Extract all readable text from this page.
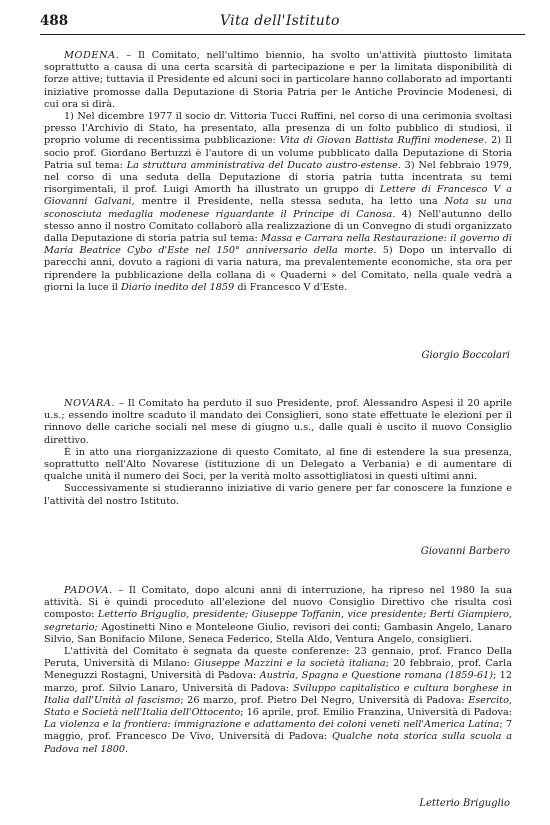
488	Vita dell'Istituto

MODENA. – Il Comitato, nell'ultimo biennio, ha svolto un'attività piuttosto limitata soprattutto a causa di una certa scarsità di partecipazione e per la limitata disponibilità di forze attive; tuttavia il Presidente ed alcuni soci in particolare hanno collaborato ad importanti iniziative promosse dalla Deputazione di Storia Patria per le Antiche Provincie Modenesi, di cui ora si dirà.

1) Nel dicembre 1977 il socio dr. Vittoria Tucci Ruffini, nel corso di una cerimonia svoltasi presso l'Archivio di Stato, ha presentato, alla presenza di un folto pubblico di studiosi, il proprio volume di recentissima pubblicazione: Vita di Giovan Battista Ruffini modenese. 2) Il socio prof. Giordano Bertuzzi è l'autore di un volume pubblicato dalla Deputazione di Storia Patria sul tema: La struttura amministrativa del Ducato austro-estense. 3) Nel febbraio 1979, nel corso di una seduta della Deputazione di storia patria tutta incentrata su temi risorgimentali, il prof. Luigi Amorth ha illustrato un gruppo di Lettere di Francesco V a Giovanni Galvani, mentre il Presidente, nella stessa seduta, ha letto una Nota su una sconosciuta medaglia modenese riguardante il Principe di Canosa. 4) Nell'autunno dello stesso anno il nostro Comitato collaborò alla realizzazione di un Convegno di studi organizzato dalla Deputazione di storia patria sul tema: Massa e Carrara nella Restaurazione: il governo di Maria Beatrice Cybo d'Este nel 150° anniversario della morte. 5) Dopo un intervallo di parecchi anni, dovuto a ragioni di varia natura, ma prevalentemente economiche, sta ora per riprendere la pubblicazione della collana di « Quaderni » del Comitato, nella quale vedrà a giorni la luce il Diario inedito del 1859 di Francesco V d'Este.

Giorgio Boccolari

NOVARA. – Il Comitato ha perduto il suo Presidente, prof. Alessandro Aspesi il 20 aprile u.s.; essendo inoltre scaduto il mandato dei Consiglieri, sono state effettuate le elezioni per il rinnovo delle cariche sociali nel mese di giugno u.s., dalle quali è uscito il nuovo Consiglio direttivo.

È in atto una riorganizzazione di questo Comitato, al fine di estendere la sua presenza, soprattutto nell'Alto Novarese (istituzione di un Delegato a Verbania) e di aumentare di qualche unità il numero dei Soci, per la verità molto assottigliatosi in questi ultimi anni.

Successivamente si studieranno iniziative di vario genere per far conoscere la funzione e l'attività del nostro Istituto.

Giovanni Barbero

PADOVA. – Il Comitato, dopo alcuni anni di interruzione, ha ripreso nel 1980 la sua attività. Si è quindi proceduto all'elezione del nuovo Consiglio Direttivo che risulta così composto: Letterio Briguglio, presidente; Giuseppe Toffanin, vice presidente; Berti Giampiero, segretario; Agostinetti Nino e Monteleone Giulio, revisori dei conti; Gambasin Angelo, Lanaro Silvio, San Bonifacio Milone, Seneca Federico, Stella Aldo, Ventura Angelo, consiglieri.

L'attività del Comitato è segnata da queste conferenze: 23 gennaio, prof. Franco Della Peruta, Università di Milano: Giuseppe Mazzini e la società italiana; 20 febbraio, prof. Carla Meneguzzi Rostagni, Università di Padova: Austria, Spagna e Questione romana (1859-61); 12 marzo, prof. Silvio Lanaro, Università di Padova: Sviluppo capitalistico e cultura borghese in Italia dall'Unità al fascismo; 26 marzo, prof. Pietro Del Negro, Università di Padova: Esercito, Stato e Società nell'Italia dell'Ottocento; 16 aprile, prof. Emilio Franzina, Università di Padova: La violenza e la frontiera: immigrazione e adattamento dei coloni veneti nell'America Latina; 7 maggio, prof. Francesco De Vivo, Università di Padova: Qualche nota storica sulla scuola a Padova nel 1800.

Letterio Briguglio
